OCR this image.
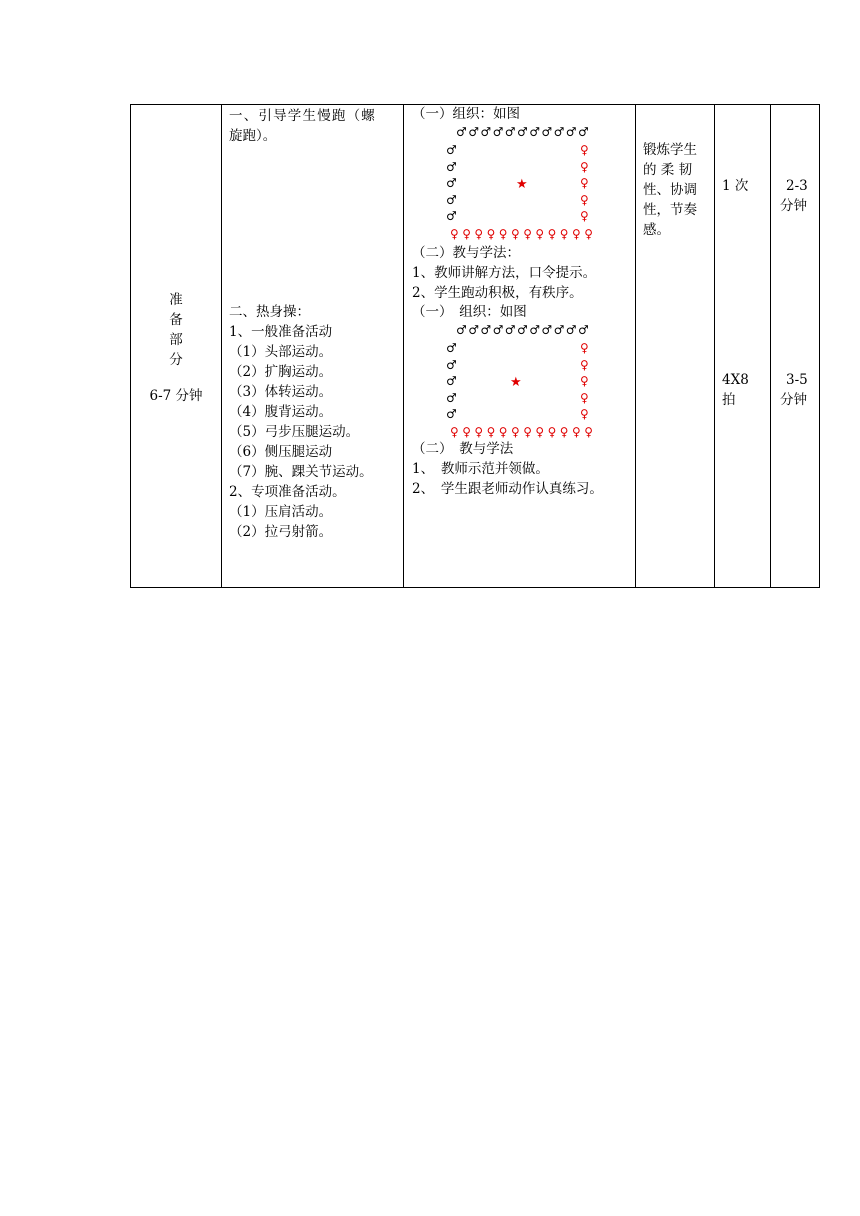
准
备
部
分
6-7 分钟
一、引导学生慢跑（螺
旋跑）。
二、热身操：
1、一般准备活动
（1）头部运动。
（2）扩胸运动。
（3）体转运动。
（4）腹背运动。
（5）弓步压腿运动。
（6）侧压腿运动
（7）腕、踝关节运动。
2、专项准备活动。
（1）压肩活动。
（2）拉弓射箭。
（一）组织：如图
♂ ♂ ♂ ♂ ♂ ♂ ♂ ♂ ♂ ♂ ♂
♂
♂
♂
♂
♂
♀
♀
♀
♀
♀
♀ ♀ ♀ ♀ ♀ ♀ ♀ ♀ ♀ ♀ ♀ ♀
★
（二）教与学法：
1、教师讲解方法，口令提示。
2、学生跑动积极，有秩序。
（一）　组织：如图
♂ ♂ ♂ ♂ ♂ ♂ ♂ ♂ ♂ ♂ ♂
♂
♂
♂
♂
♂
♀
♀
♀
♀
♀
♀ ♀ ♀ ♀ ♀ ♀ ♀ ♀ ♀ ♀ ♀ ♀
★
（二）　教与学法
1、　教师示范并领做。
2、　学生跟老师动作认真练习。
锻炼学生
的 柔 韧
性、协调
性，节奏
感。
1 次
4X8
拍
2-3
分钟
3-5
分钟
